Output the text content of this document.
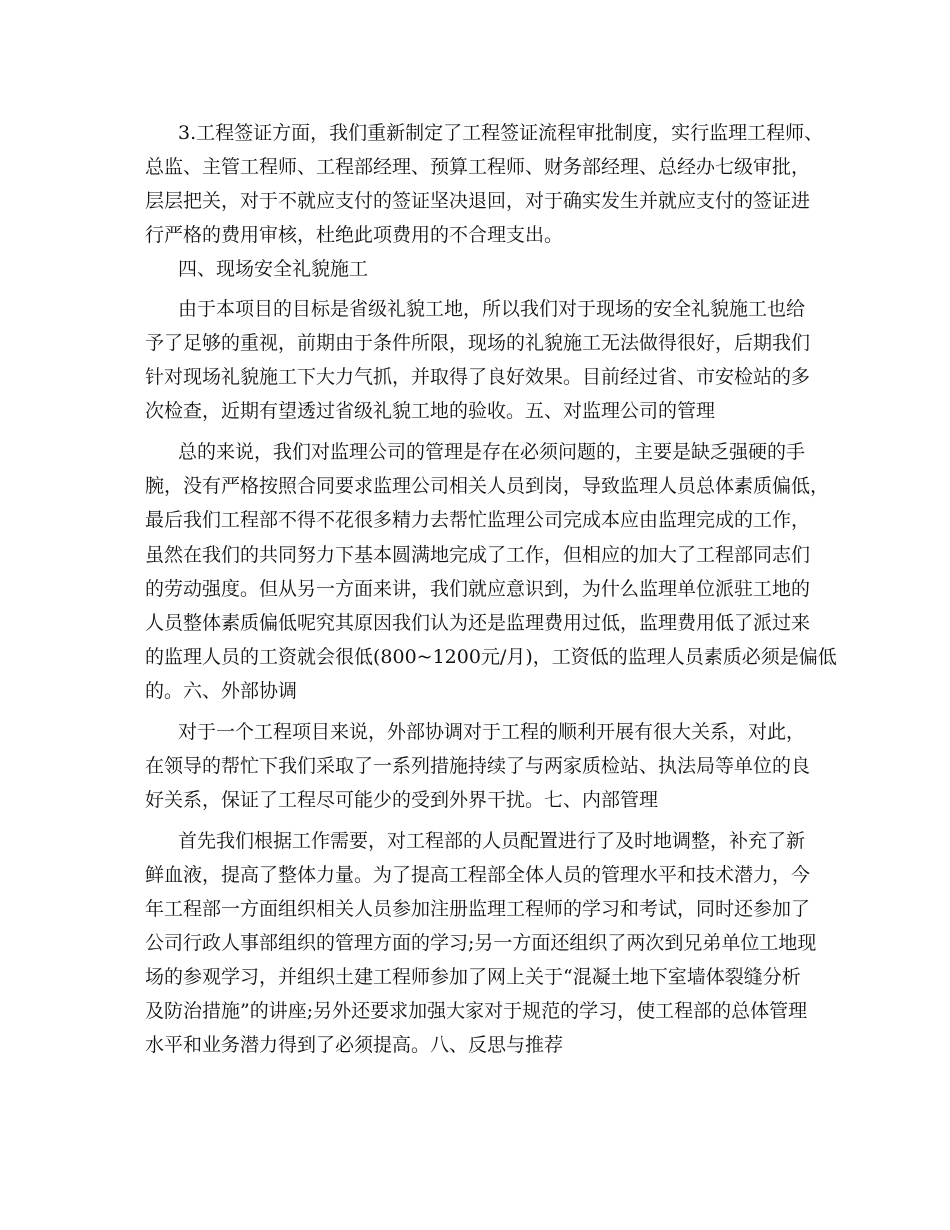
3.工程签证方面，我们重新制定了工程签证流程审批制度，实行监理工程师、
总监、主管工程师、工程部经理、预算工程师、财务部经理、总经办七级审批，
层层把关，对于不就应支付的签证坚决退回，对于确实发生并就应支付的签证进
行严格的费用审核，杜绝此项费用的不合理支出。
四、现场安全礼貌施工
由于本项目的目标是省级礼貌工地，所以我们对于现场的安全礼貌施工也给
予了足够的重视，前期由于条件所限，现场的礼貌施工无法做得很好，后期我们
针对现场礼貌施工下大力气抓，并取得了良好效果。目前经过省、市安检站的多
次检查，近期有望透过省级礼貌工地的验收。五、对监理公司的管理
总的来说，我们对监理公司的管理是存在必须问题的，主要是缺乏强硬的手
腕，没有严格按照合同要求监理公司相关人员到岗，导致监理人员总体素质偏低，
最后我们工程部不得不花很多精力去帮忙监理公司完成本应由监理完成的工作，
虽然在我们的共同努力下基本圆满地完成了工作，但相应的加大了工程部同志们
的劳动强度。但从另一方面来讲，我们就应意识到，为什么监理单位派驻工地的
人员整体素质偏低呢究其原因我们认为还是监理费用过低，监理费用低了派过来
的监理人员的工资就会很低(800~1200元/月)，工资低的监理人员素质必须是偏低
的。六、外部协调
对于一个工程项目来说，外部协调对于工程的顺利开展有很大关系，对此，
在领导的帮忙下我们采取了一系列措施持续了与两家质检站、执法局等单位的良
好关系，保证了工程尽可能少的受到外界干扰。七、内部管理
首先我们根据工作需要，对工程部的人员配置进行了及时地调整，补充了新
鲜血液，提高了整体力量。为了提高工程部全体人员的管理水平和技术潜力，今
年工程部一方面组织相关人员参加注册监理工程师的学习和考试，同时还参加了
公司行政人事部组织的管理方面的学习;另一方面还组织了两次到兄弟单位工地现
场的参观学习，并组织土建工程师参加了网上关于“混凝土地下室墙体裂缝分析
及防治措施”的讲座;另外还要求加强大家对于规范的学习，使工程部的总体管理
水平和业务潜力得到了必须提高。八、反思与推荐
